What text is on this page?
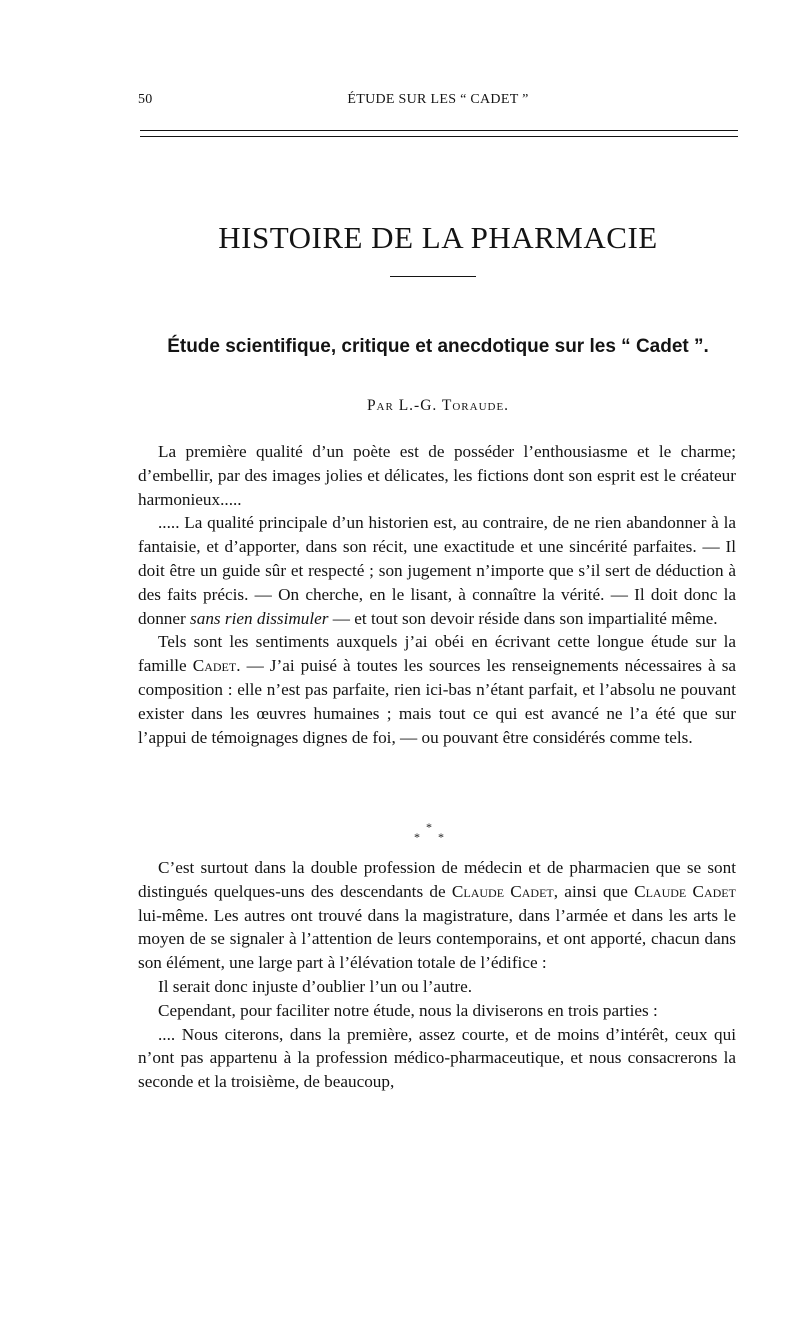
50	ÉTUDE SUR LES “ CADET ”
HISTOIRE DE LA PHARMACIE
Étude scientifique, critique et anecdotique sur les “ Cadet ”.

Par L.-G. Toraude.

La première qualité d’un poète est de posséder l’enthousiasme et le charme; d’embellir, par des images jolies et délicates, les fictions dont son esprit est le créateur harmonieux.....

..... La qualité principale d’un historien est, au contraire, de ne rien abandonner à la fantaisie, et d’apporter, dans son récit, une exactitude et une sincérité parfaites. — Il doit être un guide sûr et respecté ; son jugement n’importe que s’il sert de déduction à des faits précis. — On cherche, en le lisant, à connaître la vérité. — Il doit donc la donner sans rien dissimuler — et tout son devoir réside dans son impartialité même.

Tels sont les sentiments auxquels j’ai obéi en écrivant cette longue étude sur la famille Cadet. — J’ai puisé à toutes les sources les renseignements nécessaires à sa composition : elle n’est pas parfaite, rien ici-bas n’étant parfait, et l’absolu ne pouvant exister dans les œuvres humaines ; mais tout ce qui est avancé ne l’a été que sur l’appui de témoignages dignes de foi, — ou pouvant être considérés comme tels.

*
* *

C’est surtout dans la double profession de médecin et de pharmacien que se sont distingués quelques-uns des descendants de Claude Cadet, ainsi que Claude Cadet lui-même. Les autres ont trouvé dans la magistrature, dans l’armée et dans les arts le moyen de se signaler à l’attention de leurs contemporains, et ont apporté, chacun dans son élément, une large part à l’élévation totale de l’édifice :

Il serait donc injuste d’oublier l’un ou l’autre.

Cependant, pour faciliter notre étude, nous la diviserons en trois parties :

.... Nous citerons, dans la première, assez courte, et de moins d’intérêt, ceux qui n’ont pas appartenu à la profession médico-pharmaceutique, et nous consacrerons la seconde et la troisième, de beaucoup,
